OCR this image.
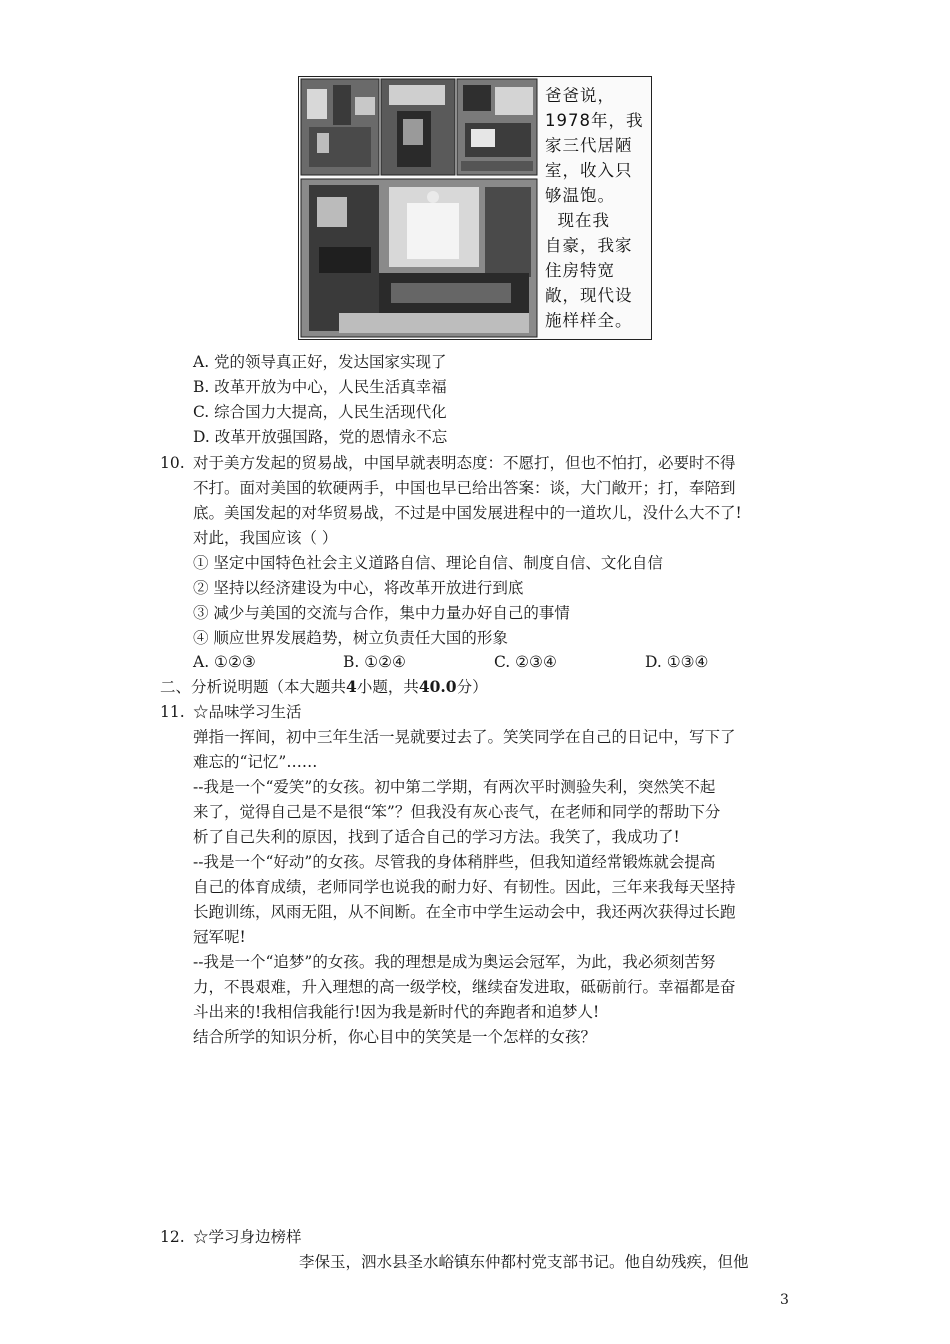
爸爸说，
1978年，我
家三代居陋
室，收入只
够温饱。
现在我
自豪，我家
住房特宽
敞，现代设
施样样全。
A. 党的领导真正好，发达国家实现了
B. 改革开放为中心，人民生活真幸福
C. 综合国力大提高，人民生活现代化
D. 改革开放强国路，党的恩情永不忘
10. 对于美方发起的贸易战，中国早就表明态度：不愿打，但也不怕打，必要时不得
不打。面对美国的软硬两手，中国也早已给出答案：谈，大门敞开；打，奉陪到
底。美国发起的对华贸易战，不过是中国发展进程中的一道坎儿，没什么大不了!
对此，我国应该（ ）
① 坚定中国特色社会主义道路自信、理论自信、制度自信、文化自信
② 坚持以经济建设为中心，将改革开放进行到底
③ 减少与美国的交流与合作，集中力量办好自己的事情
④ 顺应世界发展趋势，树立负责任大国的形象
A. ①②③	B. ①②④	C. ②③④	D. ①③④
二、分析说明题（本大题共4小题，共40.0分）
11. ☆品味学习生活
弹指一挥间，初中三年生活一晃就要过去了。笑笑同学在自己的日记中，写下了
难忘的“记忆”……
--我是一个“爱笑”的女孩。初中第二学期，有两次平时测验失利，突然笑不起
来了，觉得自己是不是很“笨”？但我没有灰心丧气，在老师和同学的帮助下分
析了自己失利的原因，找到了适合自己的学习方法。我笑了，我成功了!
--我是一个“好动”的女孩。尽管我的身体稍胖些，但我知道经常锻炼就会提高
自己的体育成绩，老师同学也说我的耐力好、有韧性。因此，三年来我每天坚持
长跑训练，风雨无阻，从不间断。在全市中学生运动会中，我还两次获得过长跑
冠军呢!
--我是一个“追梦”的女孩。我的理想是成为奥运会冠军，为此，我必须刻苦努
力，不畏艰难，升入理想的高一级学校，继续奋发进取，砥砺前行。幸福都是奋
斗出来的!我相信我能行!因为我是新时代的奔跑者和追梦人!
结合所学的知识分析，你心目中的笑笑是一个怎样的女孩？
12. ☆学习身边榜样
李保玉，泗水县圣水峪镇东仲都村党支部书记。他自幼残疾，但他
3
